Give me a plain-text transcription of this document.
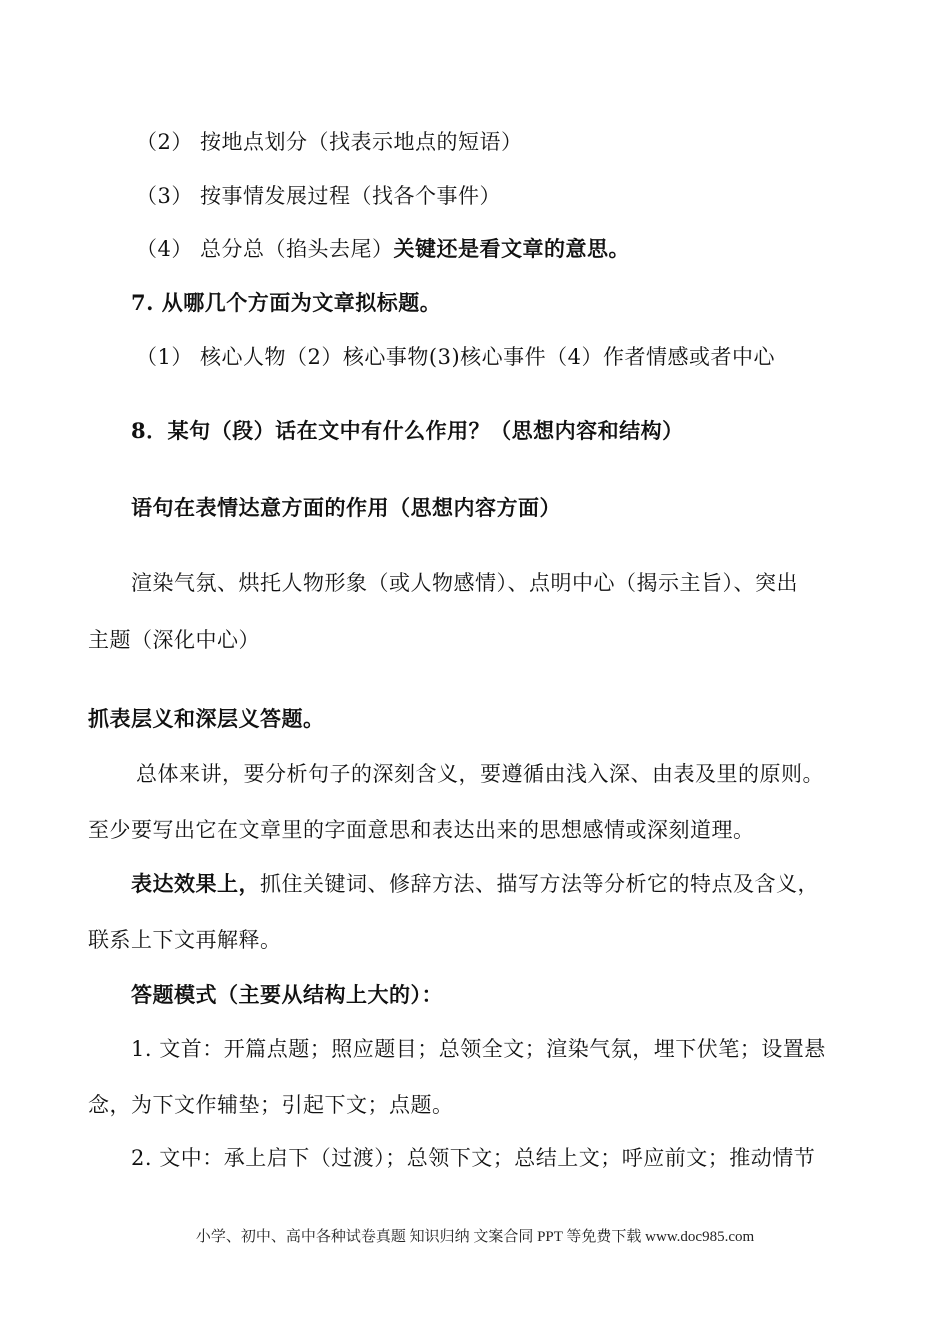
（2） 按地点划分（找表示地点的短语）
（3） 按事情发展过程（找各个事件）
（4） 总分总（掐头去尾）关键还是看文章的意思。
7. 从哪几个方面为文章拟标题。
（1） 核心人物（2）核心事物(3)核心事件（4）作者情感或者中心
8．某句（段）话在文中有什么作用？（思想内容和结构）
语句在表情达意方面的作用（思想内容方面）
渲染气氛、烘托人物形象（或人物感情）、点明中心（揭示主旨）、突出
主题（深化中心）
抓表层义和深层义答题。
总体来讲，要分析句子的深刻含义，要遵循由浅入深、由表及里的原则。
至少要写出它在文章里的字面意思和表达出来的思想感情或深刻道理。
表达效果上，抓住关键词、修辞方法、描写方法等分析它的特点及含义，
联系上下文再解释。
答题模式（主要从结构上大的）：
1. 文首：开篇点题；照应题目；总领全文；渲染气氛，埋下伏笔；设置悬
念，为下文作辅垫；引起下文；点题。
2. 文中：承上启下（过渡）；总领下文；总结上文；呼应前文；推动情节
小学、初中、高中各种试卷真题 知识归纳 文案合同 PPT 等免费下载 www.doc985.com
